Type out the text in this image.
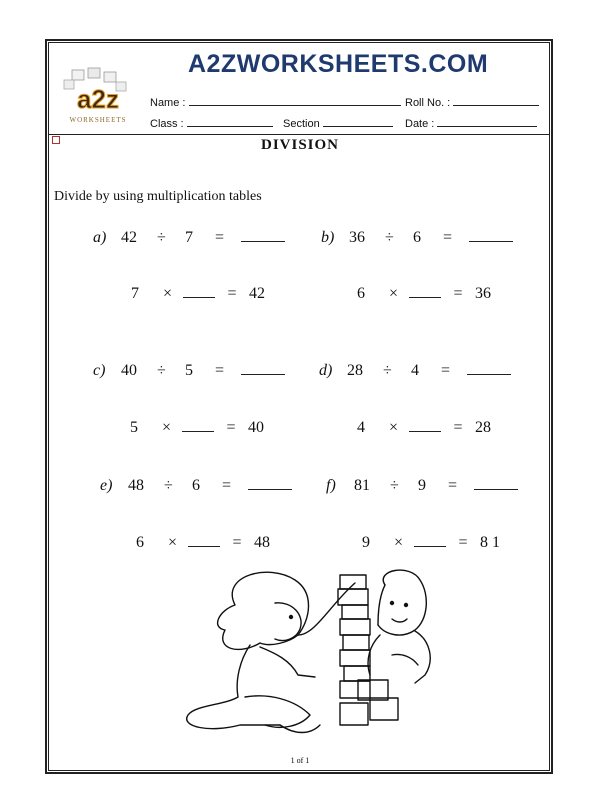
A2ZWORKSHEETS.COM
a2z
WORKSHEETS
Name :	Roll No. :
Class :	Section	Date :
DIVISION
Divide by using multiplication tables
a) 42 ÷ 7 =
7 ×	= 42
b) 36 ÷ 6 =
6 ×	= 36
c) 40 ÷ 5 =
5 ×	= 40
d) 28 ÷ 4 =
4 ×	= 28
e) 48 ÷ 6 =
6 ×	= 48
f) 81 ÷ 9 =
9 ×	= 8 1
1 of 1
